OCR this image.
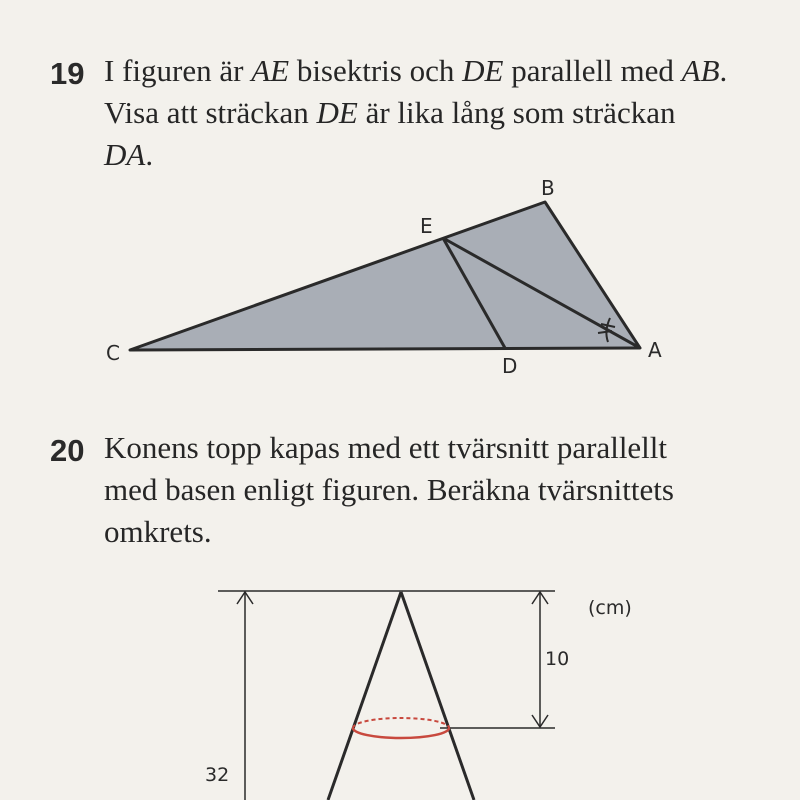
19 I figuren är AE bisektris och DE parallell med AB.
Visa att sträckan DE är lika lång som sträckan
DA.
B
E
C
D
A
20 Konens topp kapas med ett tvärsnitt parallellt
med basen enligt figuren. Beräkna tvärsnittets
omkrets.
(cm)
10
32
